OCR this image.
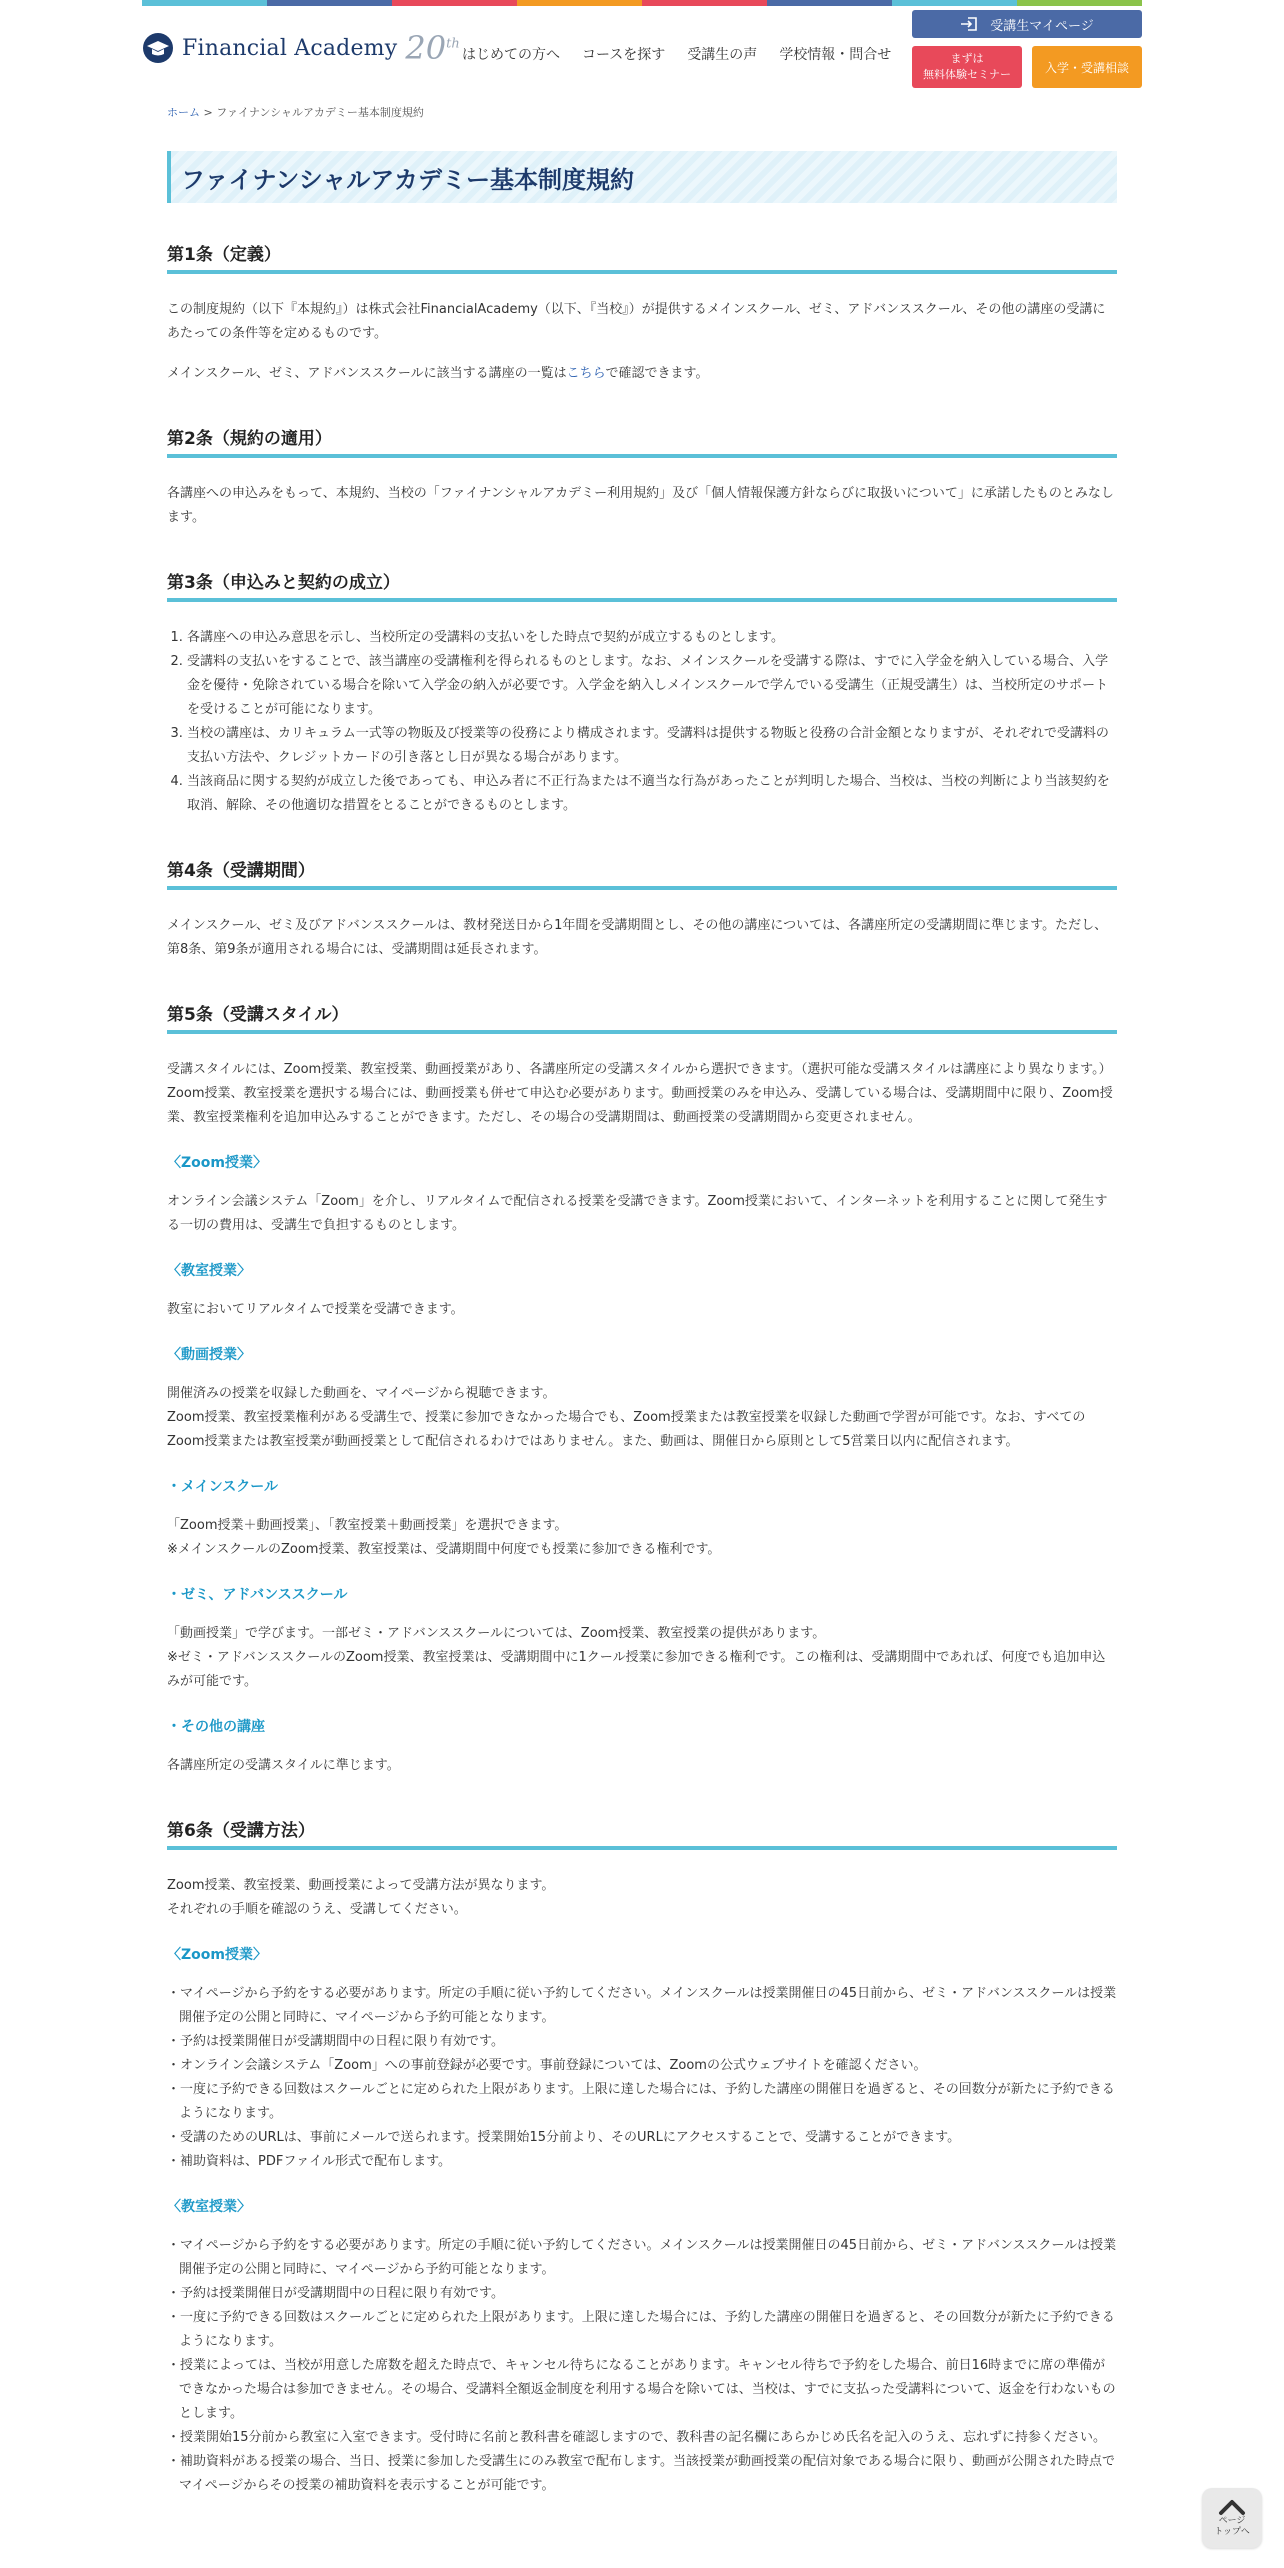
Financial Academy 20th
はじめての方へ コースを探す 受講生の声 学校情報・問合せ
受講生マイページ
まずは
無料体験セミナー	入学・受講相談
ホーム > ファイナンシャルアカデミー基本制度規約
ファイナンシャルアカデミー基本制度規約
第1条（定義）

この制度規約（以下『本規約』）は株式会社FinancialAcademy（以下、『当校』）が提供するメインスクール、ゼミ、アドバンススクール、その他の講座の受講にあたっての条件等を定めるものです。

メインスクール、ゼミ、アドバンススクールに該当する講座の一覧はこちらで確認できます。

第2条（規約の適用）

各講座への申込みをもって、本規約、当校の「ファイナンシャルアカデミー利用規約」及び「個人情報保護方針ならびに取扱いについて」に承諾したものとみなします。

第3条（申込みと契約の成立）
1. 各講座への申込み意思を示し、当校所定の受講料の支払いをした時点で契約が成立するものとします。
2. 受講料の支払いをすることで、該当講座の受講権利を得られるものとします。なお、メインスクールを受講する際は、すでに入学金を納入している場合、入学金を優待・免除されている場合を除いて入学金の納入が必要です。入学金を納入しメインスクールで学んでいる受講生（正規受講生）は、当校所定のサポートを受けることが可能になります。
3. 当校の講座は、カリキュラム一式等の物販及び授業等の役務により構成されます。受講料は提供する物販と役務の合計金額となりますが、それぞれで受講料の支払い方法や、クレジットカードの引き落とし日が異なる場合があります。
4. 当該商品に関する契約が成立した後であっても、申込み者に不正行為または不適当な行為があったことが判明した場合、当校は、当校の判断により当該契約を取消、解除、その他適切な措置をとることができるものとします。
第4条（受講期間）

メインスクール、ゼミ及びアドバンススクールは、教材発送日から1年間を受講期間とし、その他の講座については、各講座所定の受講期間に準じます。ただし、第8条、第9条が適用される場合には、受講期間は延長されます。

第5条（受講スタイル）

受講スタイルには、Zoom授業、教室授業、動画授業があり、各講座所定の受講スタイルから選択できます。（選択可能な受講スタイルは講座により異なります。）Zoom授業、教室授業を選択する場合には、動画授業も併せて申込む必要があります。動画授業のみを申込み、受講している場合は、受講期間中に限り、Zoom授業、教室授業権利を追加申込みすることができます。ただし、その場合の受講期間は、動画授業の受講期間から変更されません。

〈Zoom授業〉

オンライン会議システム「Zoom」を介し、リアルタイムで配信される授業を受講できます。Zoom授業において、インターネットを利用することに関して発生する一切の費用は、受講生で負担するものとします。

〈教室授業〉

教室においてリアルタイムで授業を受講できます。

〈動画授業〉

開催済みの授業を収録した動画を、マイページから視聴できます。

Zoom授業、教室授業権利がある受講生で、授業に参加できなかった場合でも、Zoom授業または教室授業を収録した動画で学習が可能です。なお、すべてのZoom授業または教室授業が動画授業として配信されるわけではありません。また、動画は、開催日から原則として5営業日以内に配信されます。

・メインスクール

「Zoom授業＋動画授業」、「教室授業＋動画授業」を選択できます。

※メインスクールのZoom授業、教室授業は、受講期間中何度でも授業に参加できる権利です。

・ゼミ、アドバンススクール

「動画授業」で学びます。一部ゼミ・アドバンススクールについては、Zoom授業、教室授業の提供があります。

※ゼミ・アドバンススクールのZoom授業、教室授業は、受講期間中に1クール授業に参加できる権利です。この権利は、受講期間中であれば、何度でも追加申込みが可能です。

・その他の講座

各講座所定の受講スタイルに準じます。

第6条（受講方法）

Zoom授業、教室授業、動画授業によって受講方法が異なります。

それぞれの手順を確認のうえ、受講してください。

〈Zoom授業〉
・マイページから予約をする必要があります。所定の手順に従い予約してください。メインスクールは授業開催日の45日前から、ゼミ・アドバンススクールは授業開催予定の公開と同時に、マイページから予約可能となります。
・予約は授業開催日が受講期間中の日程に限り有効です。
・オンライン会議システム「Zoom」への事前登録が必要です。事前登録については、Zoomの公式ウェブサイトを確認ください。
・一度に予約できる回数はスクールごとに定められた上限があります。上限に達した場合には、予約した講座の開催日を過ぎると、その回数分が新たに予約できるようになります。
・受講のためのURLは、事前にメールで送られます。授業開始15分前より、そのURLにアクセスすることで、受講することができます。
・補助資料は、PDFファイル形式で配布します。
〈教室授業〉
・マイページから予約をする必要があります。所定の手順に従い予約してください。メインスクールは授業開催日の45日前から、ゼミ・アドバンススクールは授業開催予定の公開と同時に、マイページから予約可能となります。
・予約は授業開催日が受講期間中の日程に限り有効です。
・一度に予約できる回数はスクールごとに定められた上限があります。上限に達した場合には、予約した講座の開催日を過ぎると、その回数分が新たに予約できるようになります。
・授業によっては、当校が用意した席数を超えた時点で、キャンセル待ちになることがあります。キャンセル待ちで予約をした場合、前日16時までに席の準備ができなかった場合は参加できません。その場合、受講料全額返金制度を利用する場合を除いては、当校は、すでに支払った受講料について、返金を行わないものとします。
・授業開始15分前から教室に入室できます。受付時に名前と教科書を確認しますので、教科書の記名欄にあらかじめ氏名を記入のうえ、忘れずに持参ください。
・補助資料がある授業の場合、当日、授業に参加した受講生にのみ教室で配布します。当該授業が動画授業の配信対象である場合に限り、動画が公開された時点でマイページからその授業の補助資料を表示することが可能です。
ページ
トップへ
